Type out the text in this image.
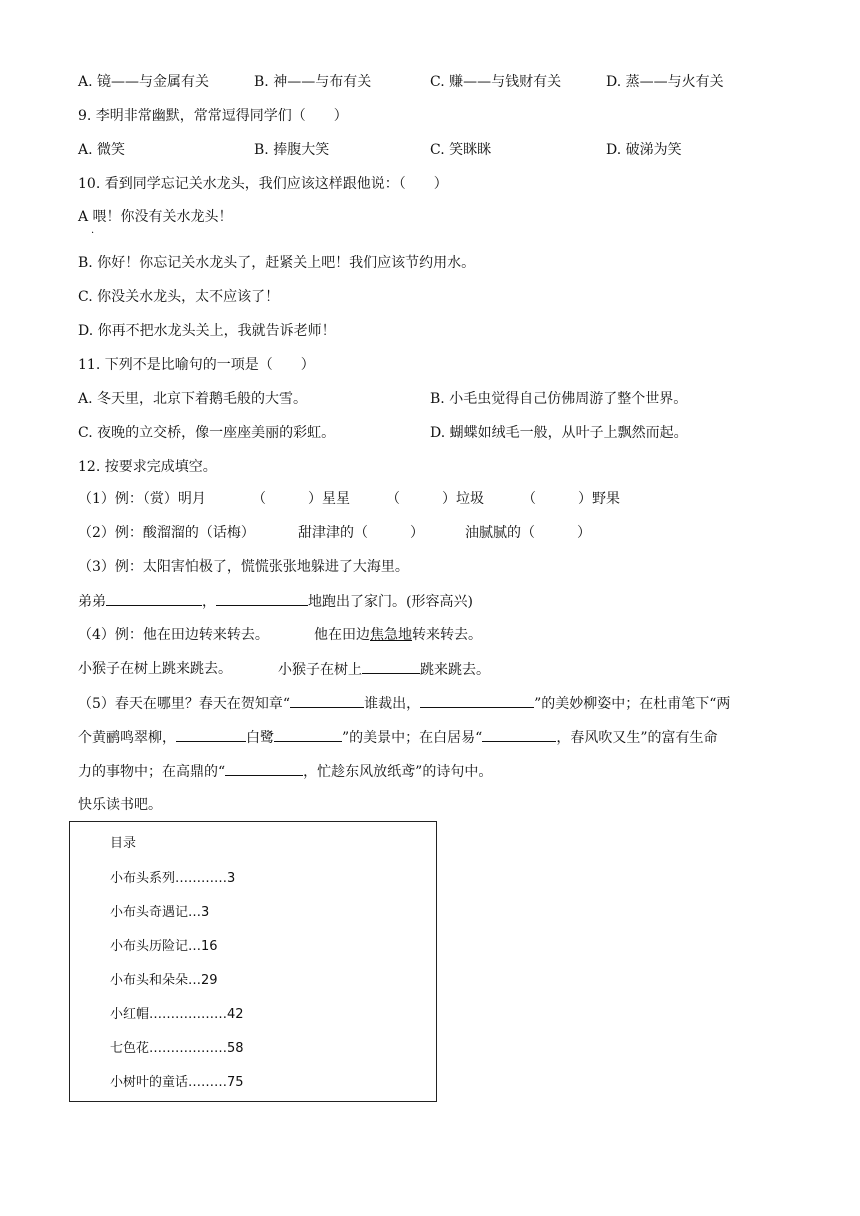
A. 镜——与金属有关	B. 神——与布有关	C. 赚——与钱财有关	D. 蒸——与火有关
9. 李明非常幽默，常常逗得同学们（　　）
A. 微笑	B. 捧腹大笑	C. 笑眯眯	D. 破涕为笑
10. 看到同学忘记关水龙头，我们应该这样跟他说：（　　）
A 喂！你没有关水龙头！
·
B. 你好！你忘记关水龙头了，赶紧关上吧！我们应该节约用水。
C. 你没关水龙头，太不应该了！
D. 你再不把水龙头关上，我就告诉老师！
11. 下列不是比喻句的一项是（　　）
A. 冬天里，北京下着鹅毛般的大雪。	B. 小毛虫觉得自己仿佛周游了整个世界。
C. 夜晚的立交桥，像一座座美丽的彩虹。	D. 蝴蝶如绒毛一般，从叶子上飘然而起。
12. 按要求完成填空。
（1）例：（赏）明月	（　　　）星星	（　　　）垃圾	（　　　）野果
（2）例：酸溜溜的（话梅）	甜津津的（　　　）	油腻腻的（　　　）
（3）例：太阳害怕极了，慌慌张张地躲进了大海里。
弟弟	，	地跑出了家门。(形容高兴)
（4）例：他在田边转来转去。	他在田边焦急地转来转去。
小猴子在树上跳来跳去。	小猴子在树上	跳来跳去。
（5）春天在哪里？春天在贺知章“	谁裁出，	”的美妙柳姿中；在杜甫笔下“两
个黄鹂鸣翠柳，	白鹭	”的美景中；在白居易“	，春风吹又生”的富有生命
力的事物中；在高鼎的“	，忙趁东风放纸鸢”的诗句中。
快乐读书吧。
目录
小布头系列…………3
小布头奇遇记…3
小布头历险记…16
小布头和朵朵…29
小红帽………………42
七色花………………58
小树叶的童话………75
